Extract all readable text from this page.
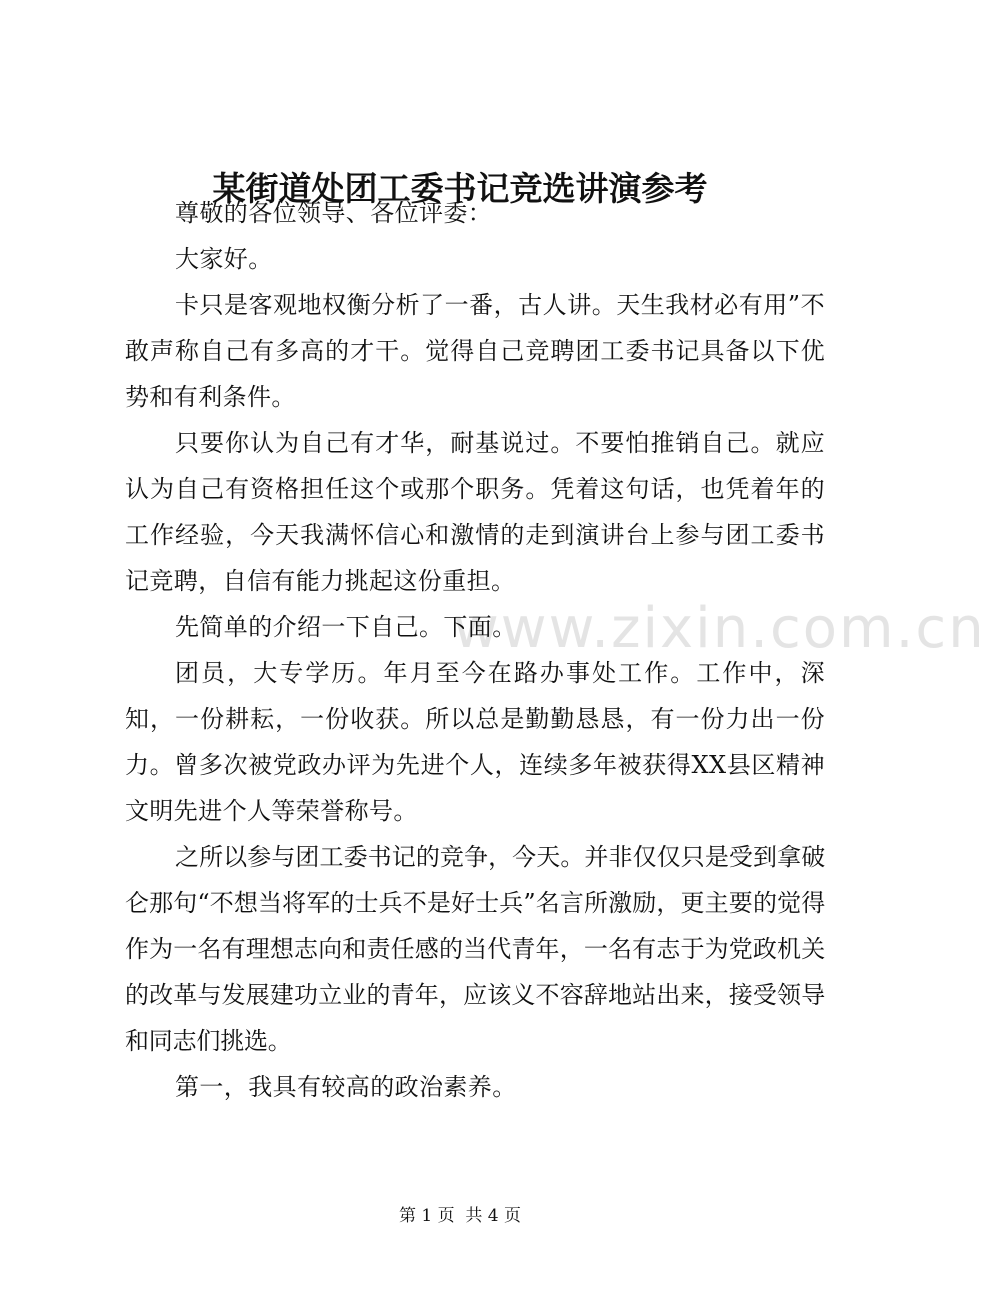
www.zixin.com.cn
某街道处团工委书记竞选讲演参考

尊敬的各位领导、各位评委：

大家好。

卡只是客观地权衡分析了一番，古人讲。天生我材必有用”不敢声称自己有多高的才干。觉得自己竞聘团工委书记具备以下优势和有利条件。

只要你认为自己有才华，耐基说过。不要怕推销自己。就应认为自己有资格担任这个或那个职务。凭着这句话，也凭着年的工作经验，今天我满怀信心和激情的走到演讲台上参与团工委书记竞聘，自信有能力挑起这份重担。

先简单的介绍一下自己。下面。

团员，大专学历。年月至今在路办事处工作。工作中，深知，一份耕耘，一份收获。所以总是勤勤恳恳，有一份力出一份力。曾多次被党政办评为先进个人，连续多年被获得XX县区精神文明先进个人等荣誉称号。

之所以参与团工委书记的竞争，今天。并非仅仅只是受到拿破仑那句“不想当将军的士兵不是好士兵”名言所激励，更主要的觉得作为一名有理想志向和责任感的当代青年，一名有志于为党政机关的改革与发展建功立业的青年，应该义不容辞地站出来，接受领导和同志们挑选。

第一，我具有较高的政治素养。

第 1 页  共 4 页
